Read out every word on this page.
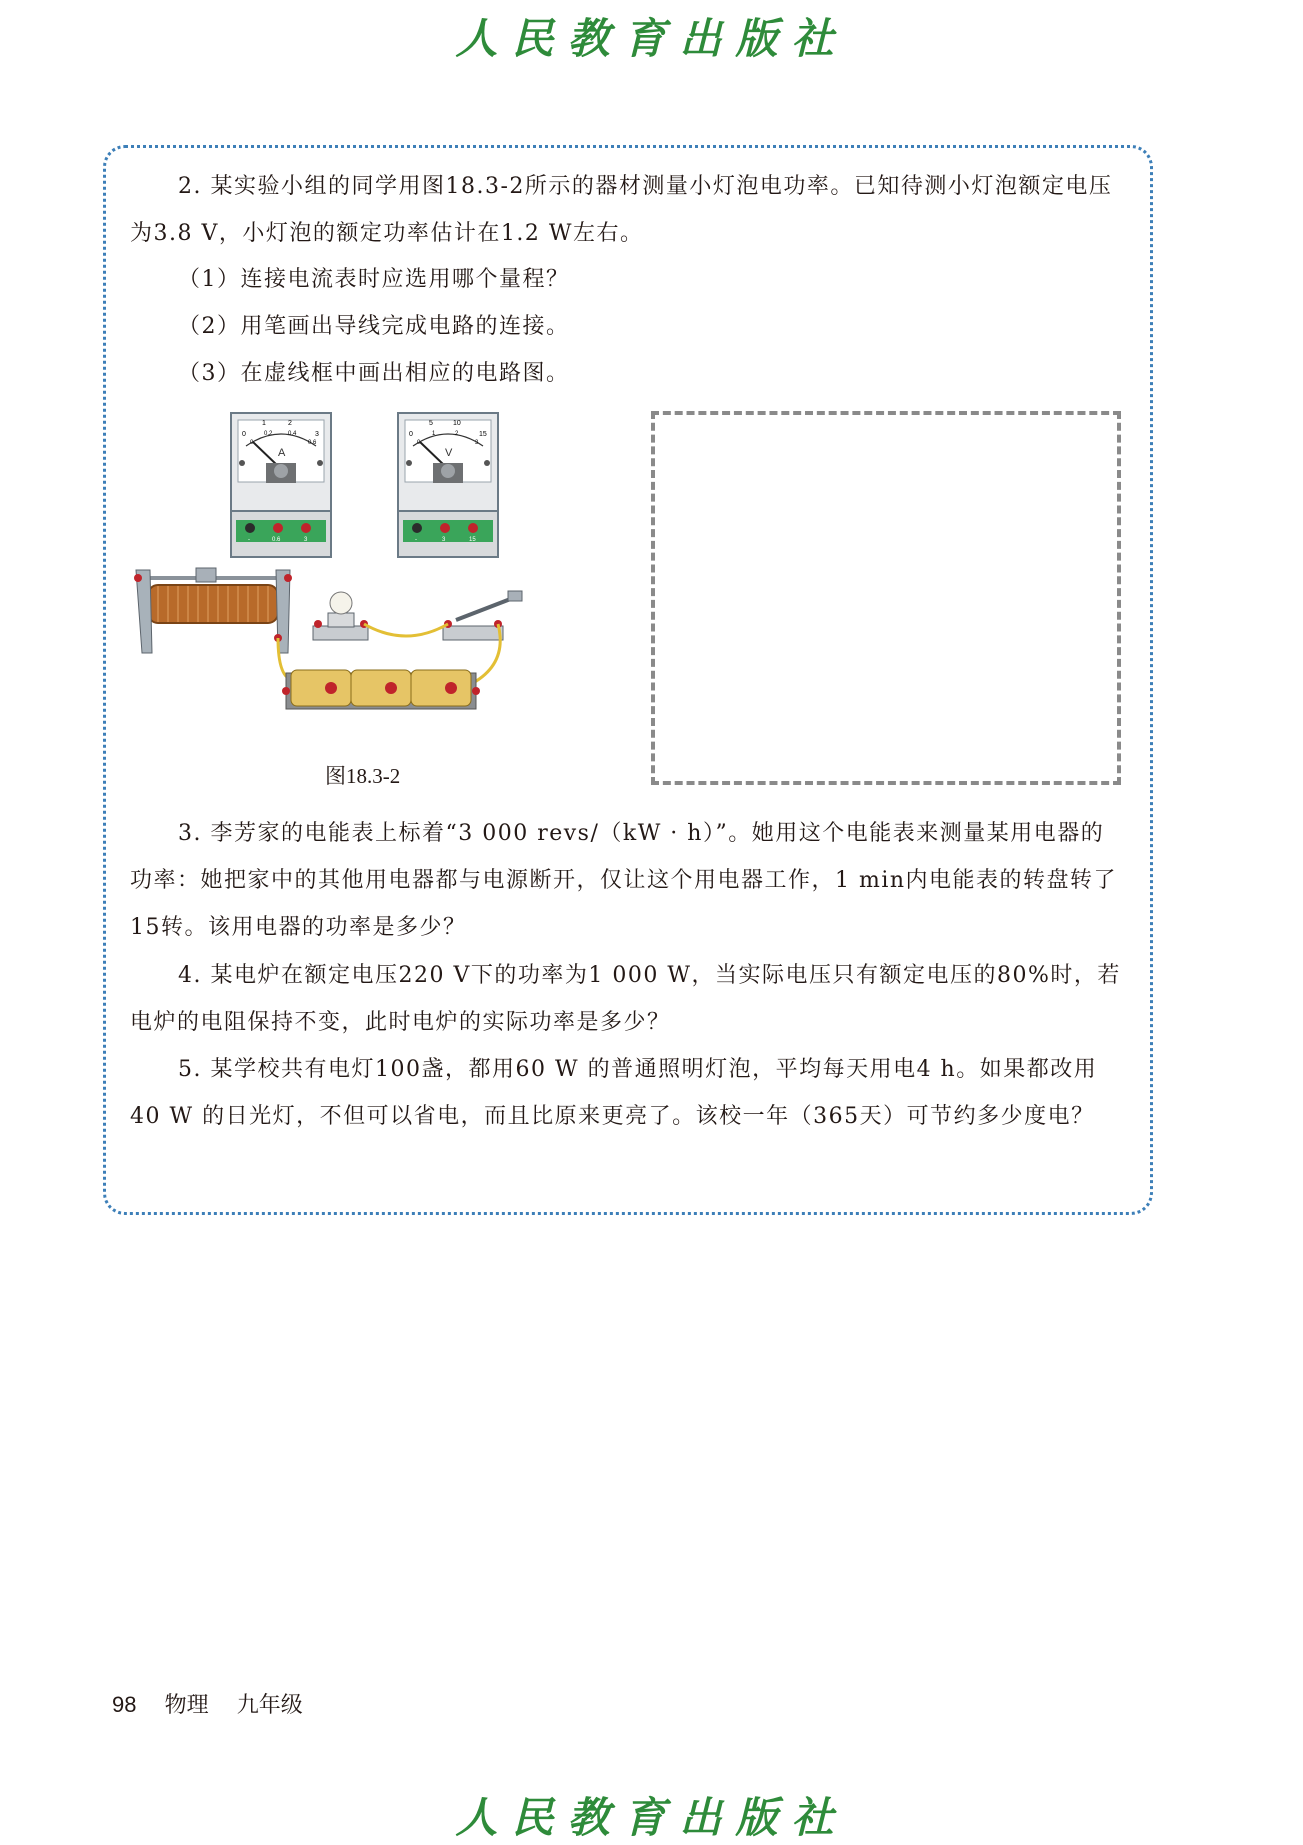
人民教育出版社

2. 某实验小组的同学用图18.3-2所示的器材测量小灯泡电功率。已知待测小灯泡额定电压为3.8 V，小灯泡的额定功率估计在1.2 W左右。

（1）连接电流表时应选用哪个量程？

（2）用笔画出导线完成电路的连接。

（3）在虚线框中画出相应的电路图。

A
0
1	2
3
0
0.2	0.4
0.6
-	0.6	3
V
0
5	10
15
0
1	2
3
-	3	15
图18.3-2

3. 李芳家的电能表上标着“3 000 revs/（kW · h）”。她用这个电能表来测量某用电器的功率：她把家中的其他用电器都与电源断开，仅让这个用电器工作，1 min内电能表的转盘转了15转。该用电器的功率是多少？

4. 某电炉在额定电压220 V下的功率为1 000 W，当实际电压只有额定电压的80%时，若电炉的电阻保持不变，此时电炉的实际功率是多少？

5. 某学校共有电灯100盏，都用60 W 的普通照明灯泡，平均每天用电4 h。如果都改用40 W 的日光灯，不但可以省电，而且比原来更亮了。该校一年（365天）可节约多少度电？

98 物理 九年级
人民教育出版社
